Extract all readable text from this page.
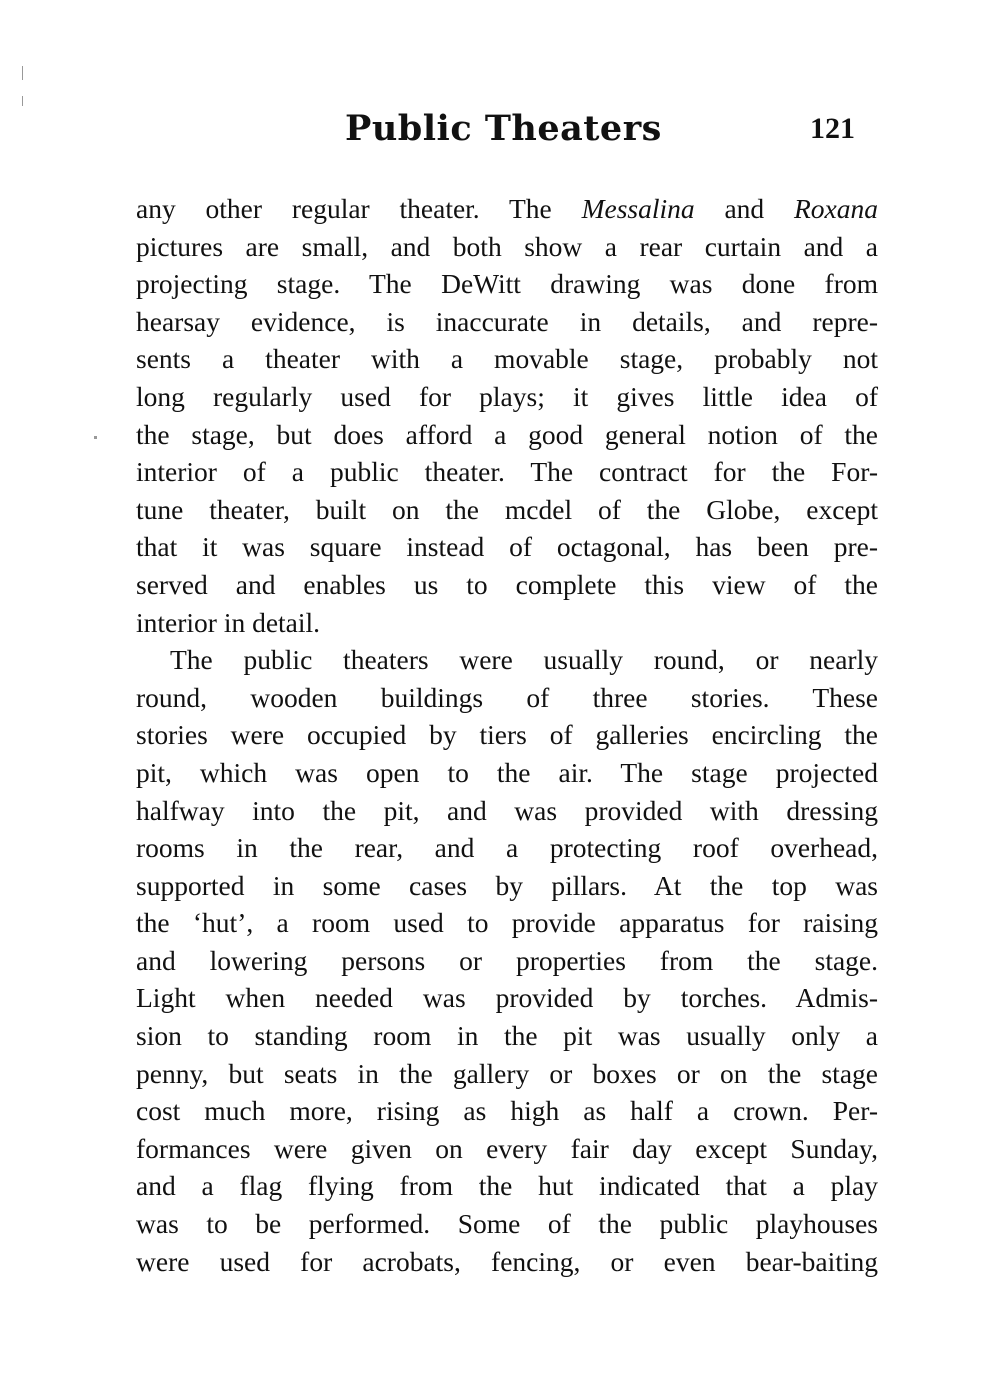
Public Theaters	121
any other regular theater. The Messalina and Roxana
pictures are small, and both show a rear curtain and a
projecting stage. The DeWitt drawing was done from
hearsay evidence, is inaccurate in details, and repre-
sents a theater with a movable stage, probably not
long regularly used for plays; it gives little idea of
the stage, but does afford a good general notion of the
interior of a public theater. The contract for the For-
tune theater, built on the mcdel of the Globe, except
that it was square instead of octagonal, has been pre-
served and enables us to complete this view of the
interior in detail.
The public theaters were usually round, or nearly
round, wooden buildings of three stories. These
stories were occupied by tiers of galleries encircling the
pit, which was open to the air. The stage projected
halfway into the pit, and was provided with dressing
rooms in the rear, and a protecting roof overhead,
supported in some cases by pillars. At the top was
the ‘hut’, a room used to provide apparatus for raising
and lowering persons or properties from the stage.
Light when needed was provided by torches. Admis-
sion to standing room in the pit was usually only a
penny, but seats in the gallery or boxes or on the stage
cost much more, rising as high as half a crown. Per-
formances were given on every fair day except Sunday,
and a flag flying from the hut indicated that a play
was to be performed. Some of the public playhouses
were used for acrobats, fencing, or even bear-baiting
